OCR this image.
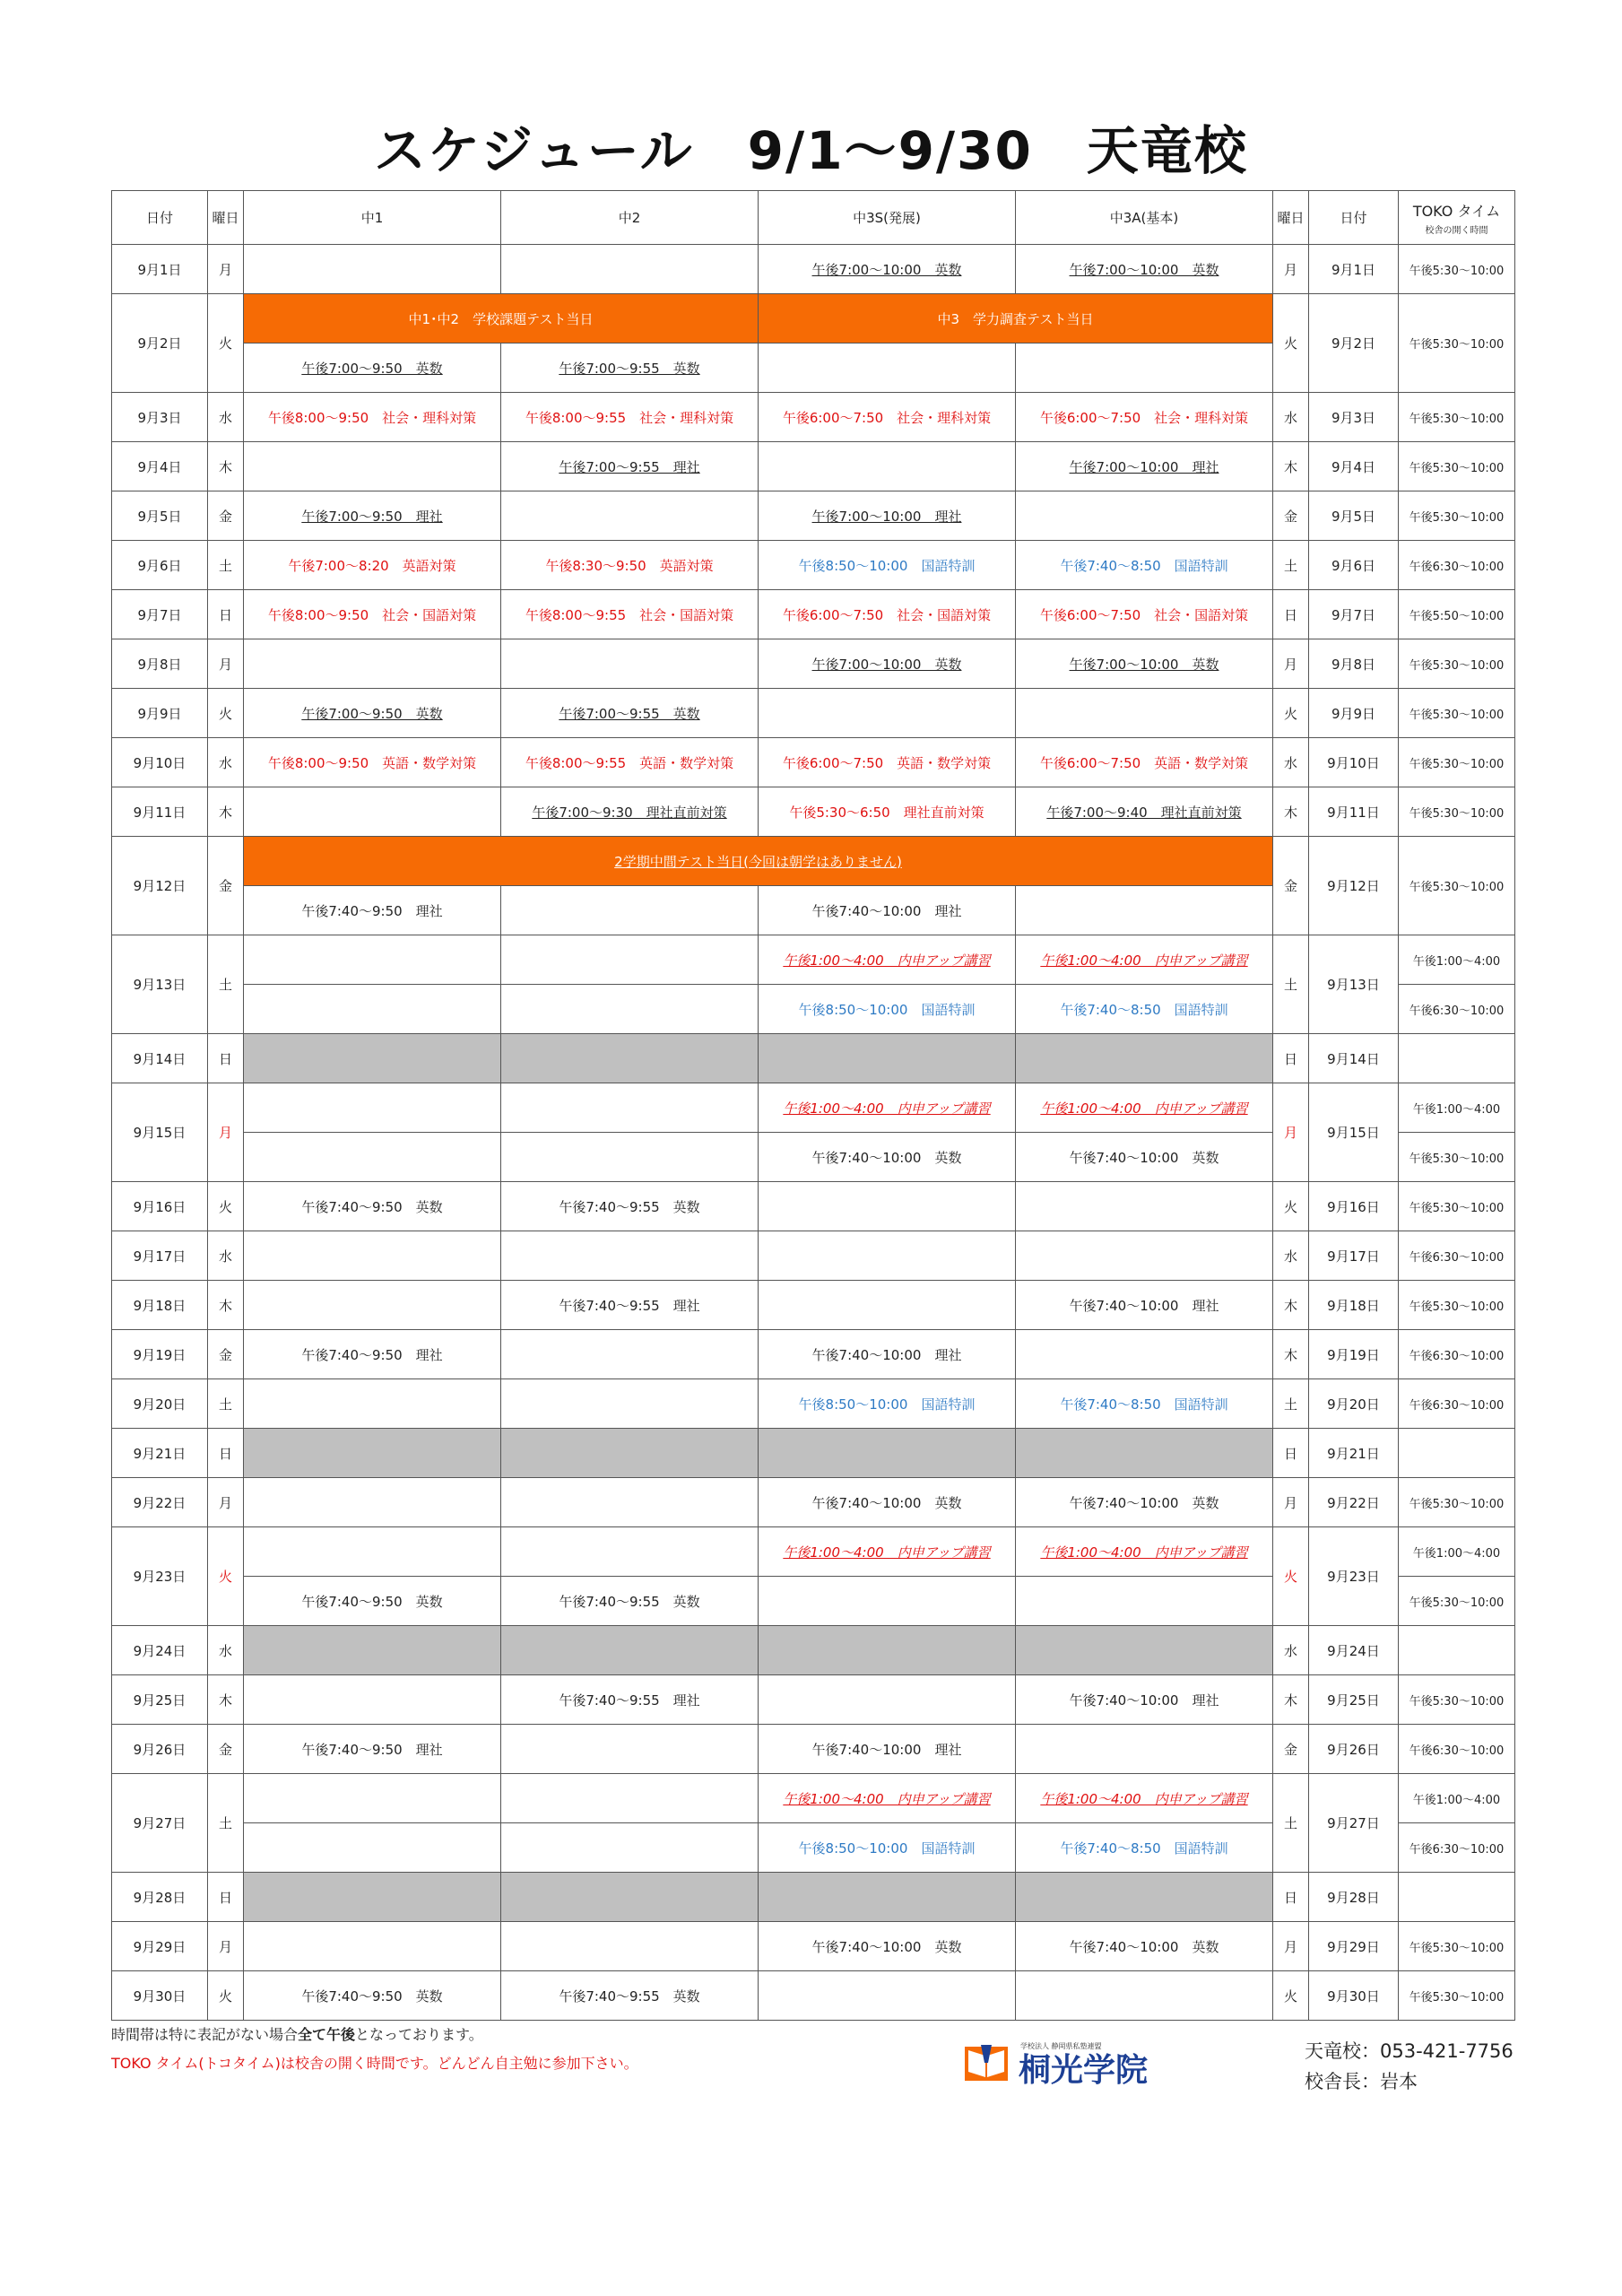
スケジュール　9/1〜9/30　天竜校
日付	曜日	中1	中2	中3S(発展)	中3A(基本)	曜日	日付	TOKO タイム
校舎の開く時間

9月1日	月			午後7:00〜10:00　英数	午後7:00〜10:00　英数	月	9月1日	午後5:30〜10:00
9月2日	火	中1･中2　学校課題テスト当日		中3　学力調査テスト当日		火	9月2日	午後5:30〜10:00
		午後7:00〜9:50　英数	午後7:00〜9:55　英数					
9月3日	水	午後8:00〜9:50　社会・理科対策	午後8:00〜9:55　社会・理科対策	午後6:00〜7:50　社会・理科対策	午後6:00〜7:50　社会・理科対策	水	9月3日	午後5:30〜10:00
9月4日	木		午後7:00〜9:55　理社		午後7:00〜10:00　理社	木	9月4日	午後5:30〜10:00
9月5日	金	午後7:00〜9:50　理社		午後7:00〜10:00　理社		金	9月5日	午後5:30〜10:00
9月6日	土	午後7:00〜8:20　英語対策	午後8:30〜9:50　英語対策	午後8:50〜10:00　国語特訓	午後7:40〜8:50　国語特訓	土	9月6日	午後6:30〜10:00
9月7日	日	午後8:00〜9:50　社会・国語対策	午後8:00〜9:55　社会・国語対策	午後6:00〜7:50　社会・国語対策	午後6:00〜7:50　社会・国語対策	日	9月7日	午後5:50〜10:00
9月8日	月			午後7:00〜10:00　英数	午後7:00〜10:00　英数	月	9月8日	午後5:30〜10:00
9月9日	火	午後7:00〜9:50　英数	午後7:00〜9:55　英数			火	9月9日	午後5:30〜10:00
9月10日	水	午後8:00〜9:50　英語・数学対策	午後8:00〜9:55　英語・数学対策	午後6:00〜7:50　英語・数学対策	午後6:00〜7:50　英語・数学対策	水	9月10日	午後5:30〜10:00
9月11日	木		午後7:00〜9:30　理社直前対策	午後5:30〜6:50　理社直前対策	午後7:00〜9:40　理社直前対策	木	9月11日	午後5:30〜10:00
9月12日	金	2学期中間テスト当日(今回は朝学はありません)				金	9月12日	午後5:30〜10:00
		午後7:40〜9:50　理社		午後7:40〜10:00　理社				
9月13日	土			午後1:00〜4:00　内申アップ講習	午後1:00〜4:00　内申アップ講習	土	9月13日	午後1:00〜4:00
				午後8:50〜10:00　国語特訓	午後7:40〜8:50　国語特訓			午後6:30〜10:00
9月14日	日					日	9月14日	
9月15日	月			午後1:00〜4:00　内申アップ講習	午後1:00〜4:00　内申アップ講習	月	9月15日	午後1:00〜4:00
				午後7:40〜10:00　英数	午後7:40〜10:00　英数			午後5:30〜10:00
9月16日	火	午後7:40〜9:50　英数	午後7:40〜9:55　英数			火	9月16日	午後5:30〜10:00
9月17日	水					水	9月17日	午後6:30〜10:00
9月18日	木		午後7:40〜9:55　理社		午後7:40〜10:00　理社	木	9月18日	午後5:30〜10:00
9月19日	金	午後7:40〜9:50　理社		午後7:40〜10:00　理社		木	9月19日	午後6:30〜10:00
9月20日	土			午後8:50〜10:00　国語特訓	午後7:40〜8:50　国語特訓	土	9月20日	午後6:30〜10:00
9月21日	日					日	9月21日	
9月22日	月			午後7:40〜10:00　英数	午後7:40〜10:00　英数	月	9月22日	午後5:30〜10:00
9月23日	火			午後1:00〜4:00　内申アップ講習	午後1:00〜4:00　内申アップ講習	火	9月23日	午後1:00〜4:00
		午後7:40〜9:50　英数	午後7:40〜9:55　英数					午後5:30〜10:00
9月24日	水					水	9月24日	
9月25日	木		午後7:40〜9:55　理社		午後7:40〜10:00　理社	木	9月25日	午後5:30〜10:00
9月26日	金	午後7:40〜9:50　理社		午後7:40〜10:00　理社		金	9月26日	午後6:30〜10:00
9月27日	土			午後1:00〜4:00　内申アップ講習	午後1:00〜4:00　内申アップ講習	土	9月27日	午後1:00〜4:00
				午後8:50〜10:00　国語特訓	午後7:40〜8:50　国語特訓			午後6:30〜10:00
9月28日	日					日	9月28日	
9月29日	月			午後7:40〜10:00　英数	午後7:40〜10:00　英数	月	9月29日	午後5:30〜10:00
9月30日	火	午後7:40〜9:50　英数	午後7:40〜9:55　英数			火	9月30日	午後5:30〜10:00
時間帯は特に表記がない場合全て午後となっております。
TOKO タイム(トコタイム)は校舎の開く時間です。どんどん自主勉に参加下さい。
学校法人 静岡県私塾連盟
桐光学院
天竜校：053-421-7756
校舎長：岩本
